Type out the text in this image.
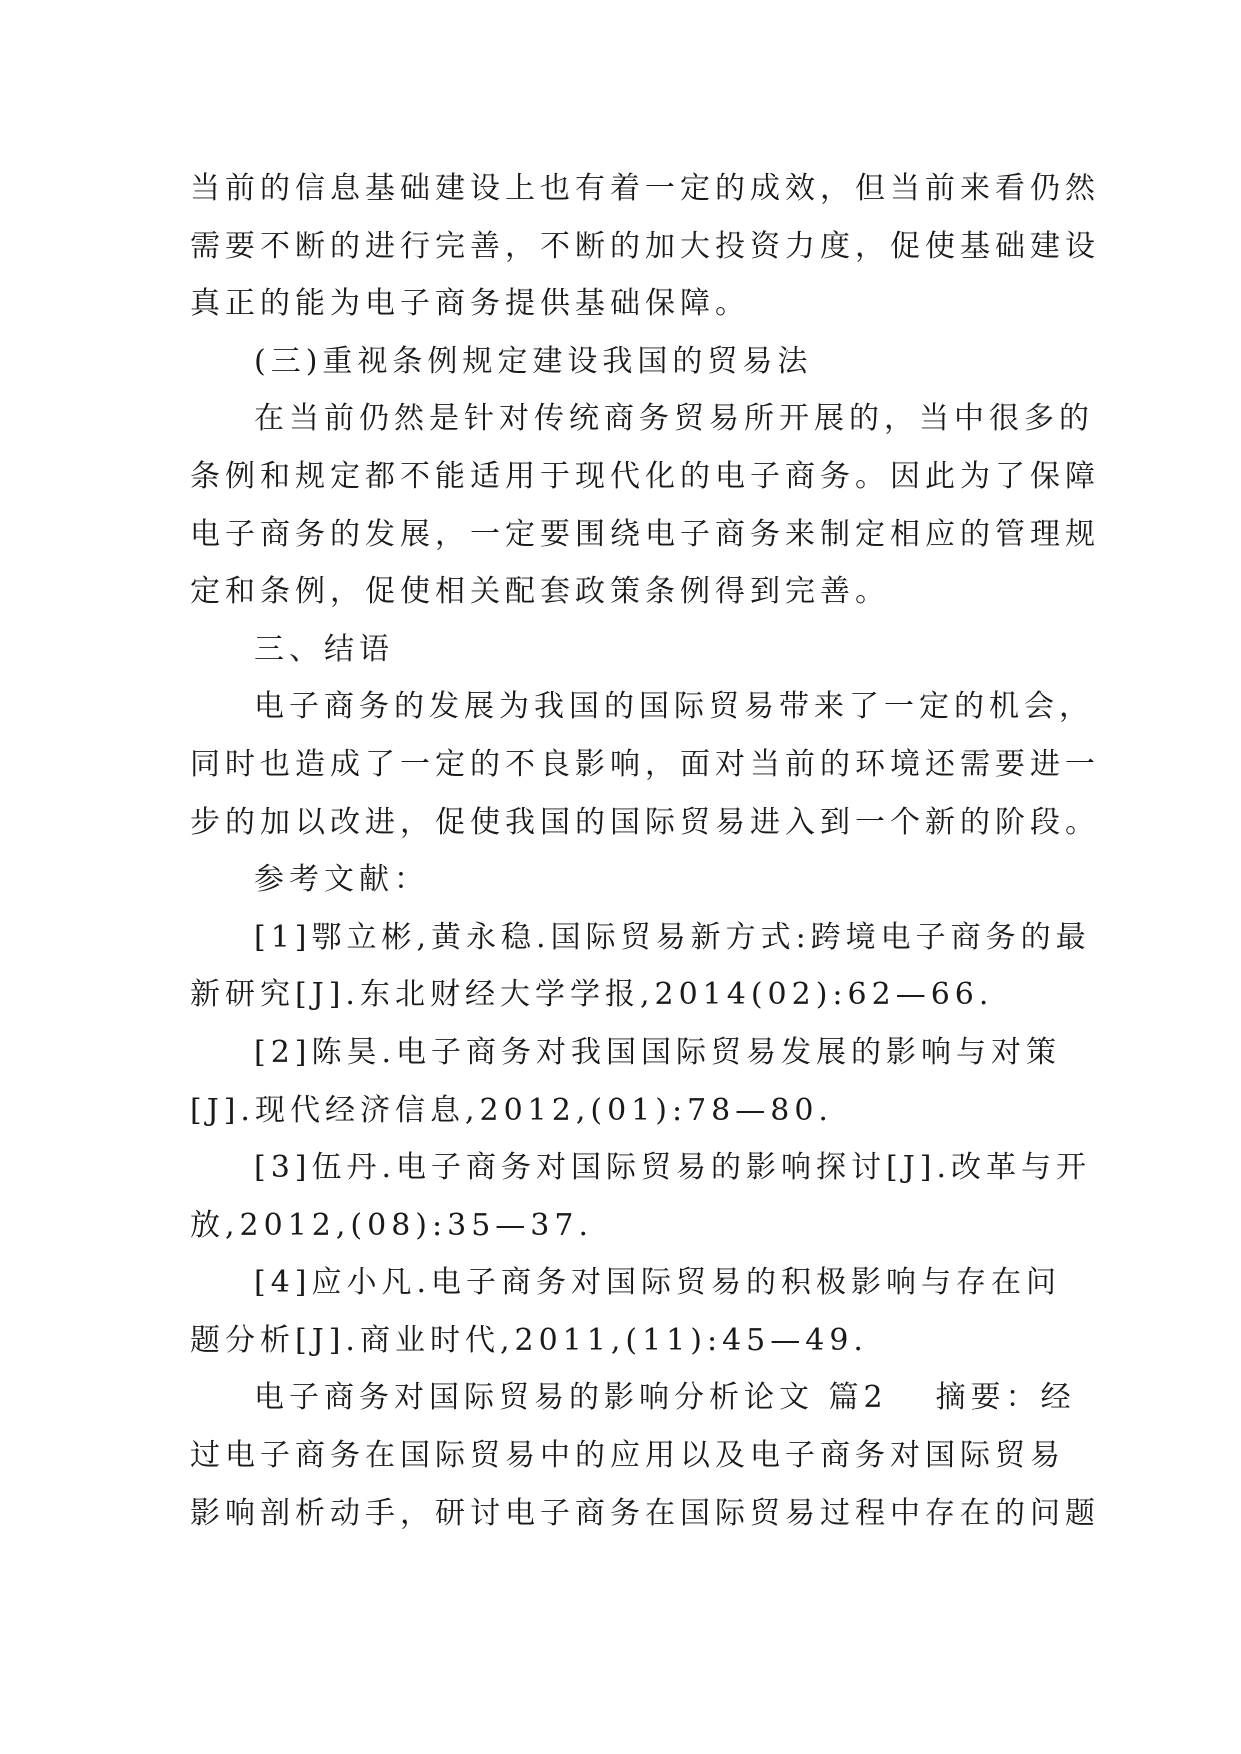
当前的信息基础建设上也有着一定的成效，但当前来看仍然
需要不断的进行完善，不断的加大投资力度，促使基础建设
真正的能为电子商务提供基础保障。
(三)重视条例规定建设我国的贸易法
在当前仍然是针对传统商务贸易所开展的，当中很多的
条例和规定都不能适用于现代化的电子商务。因此为了保障
电子商务的发展，一定要围绕电子商务来制定相应的管理规
定和条例，促使相关配套政策条例得到完善。
三、结语
电子商务的发展为我国的国际贸易带来了一定的机会，
同时也造成了一定的不良影响，面对当前的环境还需要进一
步的加以改进，促使我国的国际贸易进入到一个新的阶段。
参考文献：
[1]鄂立彬,黄永稳.国际贸易新方式:跨境电子商务的最
新研究[J].东北财经大学学报,2014(02):62—66.
[2]陈昊.电子商务对我国国际贸易发展的影响与对策
[J].现代经济信息,2012,(01):78—80.
[3]伍丹.电子商务对国际贸易的影响探讨[J].改革与开
放,2012,(08):35—37.
[4]应小凡.电子商务对国际贸易的积极影响与存在问
题分析[J].商业时代,2011,(11):45—49.
电子商务对国际贸易的影响分析论文 篇2 摘要：经
过电子商务在国际贸易中的应用以及电子商务对国际贸易
影响剖析动手，研讨电子商务在国际贸易过程中存在的问题
